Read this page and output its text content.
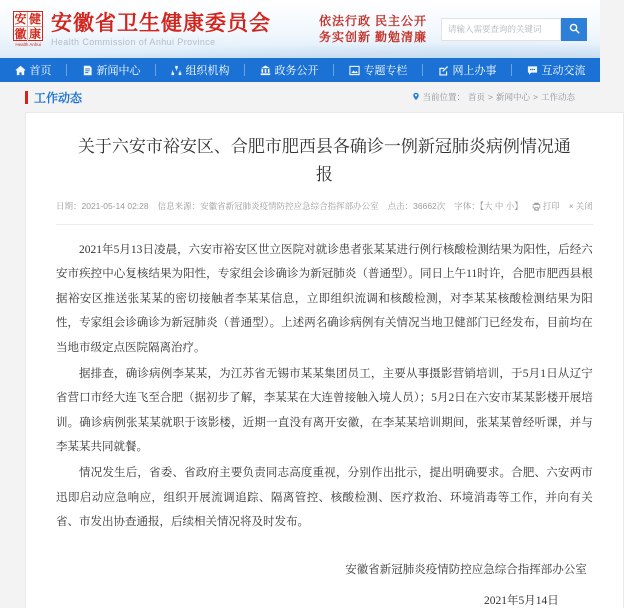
安 健
徽 康
Health Anhui
安徽省卫生健康委员会
Health Commission of Anhui Province
依法行政 民主公开
务实创新 勤勉清廉
请输入需要查询的关键词
首页	新闻中心	组织机构	政务公开	专题专栏	网上办事	互动交流
工作动态	当前位置： 首页 > 新闻中心 > 工作动态
关于六安市裕安区、合肥市肥西县各确诊一例新冠肺炎病例情况通报
日期：2021-05-14 02:28 信息来源：安徽省新冠肺炎疫情防控应急综合指挥部办公室 点击：36662次 字体：【大 中 小】 打印 × 关闭

2021年5月13日凌晨，六安市裕安区世立医院对就诊患者张某某进行例行核酸检测结果为阳性，后经六安市疾控中心复核结果为阳性，专家组会诊确诊为新冠肺炎（普通型）。同日上午11时许，合肥市肥西县根据裕安区推送张某某的密切接触者李某某信息，立即组织流调和核酸检测，对李某某核酸检测结果为阳性，专家组会诊确诊为新冠肺炎（普通型）。上述两名确诊病例有关情况当地卫健部门已经发布，目前均在当地市级定点医院隔离治疗。

据排查，确诊病例李某某，为江苏省无锡市某某集团员工，主要从事摄影营销培训，于5月1日从辽宁省营口市经大连飞至合肥（据初步了解，李某某在大连曾接触入境人员）；5月2日在六安市某某影楼开展培训。确诊病例张某某就职于该影楼，近期一直没有离开安徽，在李某某培训期间，张某某曾经听课，并与李某某共同就餐。

情况发生后，省委、省政府主要负责同志高度重视，分别作出批示，提出明确要求。合肥、六安两市迅即启动应急响应，组织开展流调追踪、隔离管控、核酸检测、医疗救治、环境消毒等工作，并向有关省、市发出协查通报，后续相关情况将及时发布。

安徽省新冠肺炎疫情防控应急综合指挥部办公室
2021年5月14日
